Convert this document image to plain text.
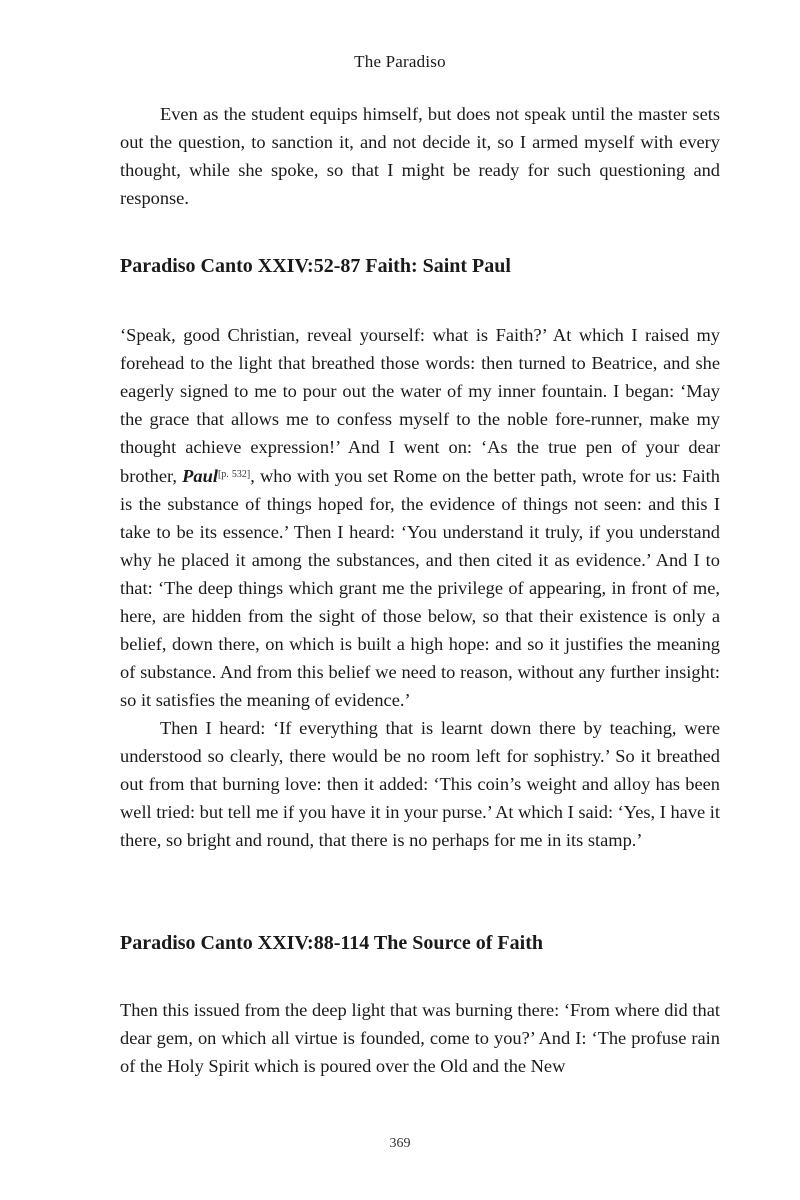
The Paradiso

Even as the student equips himself, but does not speak until the master sets out the question, to sanction it, and not decide it, so I armed myself with every thought, while she spoke, so that I might be ready for such questioning and response.

Paradiso Canto XXIV:52-87 Faith: Saint Paul

‘Speak, good Christian, reveal yourself: what is Faith?’ At which I raised my forehead to the light that breathed those words: then turned to Beatrice, and she eagerly signed to me to pour out the water of my inner fountain. I began: ‘May the grace that allows me to confess myself to the noble fore-runner, make my thought achieve expression!’ And I went on: ‘As the true pen of your dear brother, Paul[p. 532], who with you set Rome on the better path, wrote for us: Faith is the substance of things hoped for, the evidence of things not seen: and this I take to be its essence.’ Then I heard: ‘You understand it truly, if you understand why he placed it among the substances, and then cited it as evidence.’ And I to that: ‘The deep things which grant me the privilege of appearing, in front of me, here, are hidden from the sight of those below, so that their existence is only a belief, down there, on which is built a high hope: and so it justifies the meaning of substance. And from this belief we need to reason, without any further insight: so it satisfies the meaning of evidence.’

Then I heard: ‘If everything that is learnt down there by teaching, were understood so clearly, there would be no room left for sophistry.’ So it breathed out from that burning love: then it added: ‘This coin’s weight and alloy has been well tried: but tell me if you have it in your purse.’ At which I said: ‘Yes, I have it there, so bright and round, that there is no perhaps for me in its stamp.’

Paradiso Canto XXIV:88-114 The Source of Faith

Then this issued from the deep light that was burning there: ‘From where did that dear gem, on which all virtue is founded, come to you?’ And I: ‘The profuse rain of the Holy Spirit which is poured over the Old and the New

369
